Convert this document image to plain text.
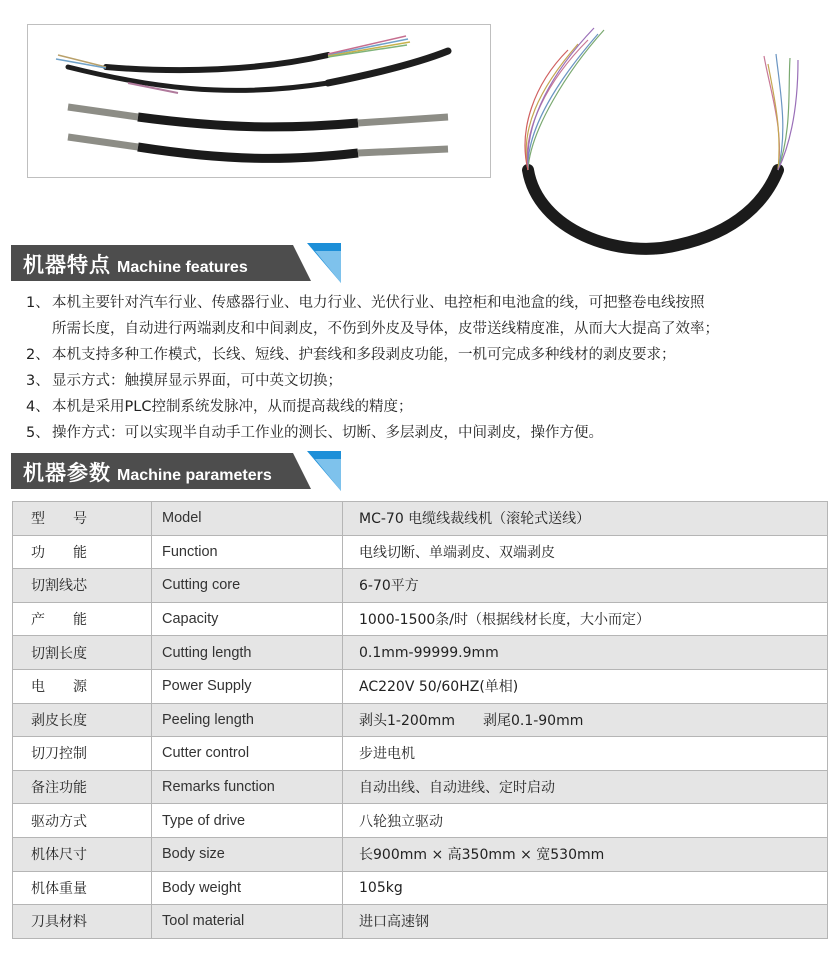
机器特点 Machine features
1、 本机主要针对汽车行业、传感器行业、电力行业、光伏行业、电控柜和电池盒的线，可把整卷电线按照
所需长度，自动进行两端剥皮和中间剥皮，不伤到外皮及导体，皮带送线精度准，从而大大提高了效率；
2、 本机支持多种工作模式，长线、短线、护套线和多段剥皮功能，一机可完成多种线材的剥皮要求；
3、 显示方式：触摸屏显示界面，可中英文切换；
4、 本机是采用PLC控制系统发脉冲，从而提高裁线的精度；
5、 操作方式：可以实现半自动手工作业的测长、切断、多层剥皮，中间剥皮，操作方便。
机器参数 Machine parameters
型　　号	Model	MC-70 电缆线裁线机（滚轮式送线）
功　　能	Function	电线切断、单端剥皮、双端剥皮
切割线芯	Cutting core	6-70平方
产　　能	Capacity	1000-1500条/时（根据线材长度，大小而定）
切割长度	Cutting length	0.1mm-99999.9mm
电　　源	Power Supply	AC220V 50/60HZ(单相)
剥皮长度	Peeling length	剥头1-200mm　　剥尾0.1-90mm
切刀控制	Cutter control	步进电机
备注功能	Remarks function	自动出线、自动进线、定时启动
驱动方式	Type of drive	八轮独立驱动
机体尺寸	Body size	长900mm × 高350mm × 宽530mm
机体重量	Body weight	105kg
刀具材料	Tool material	进口高速钢
